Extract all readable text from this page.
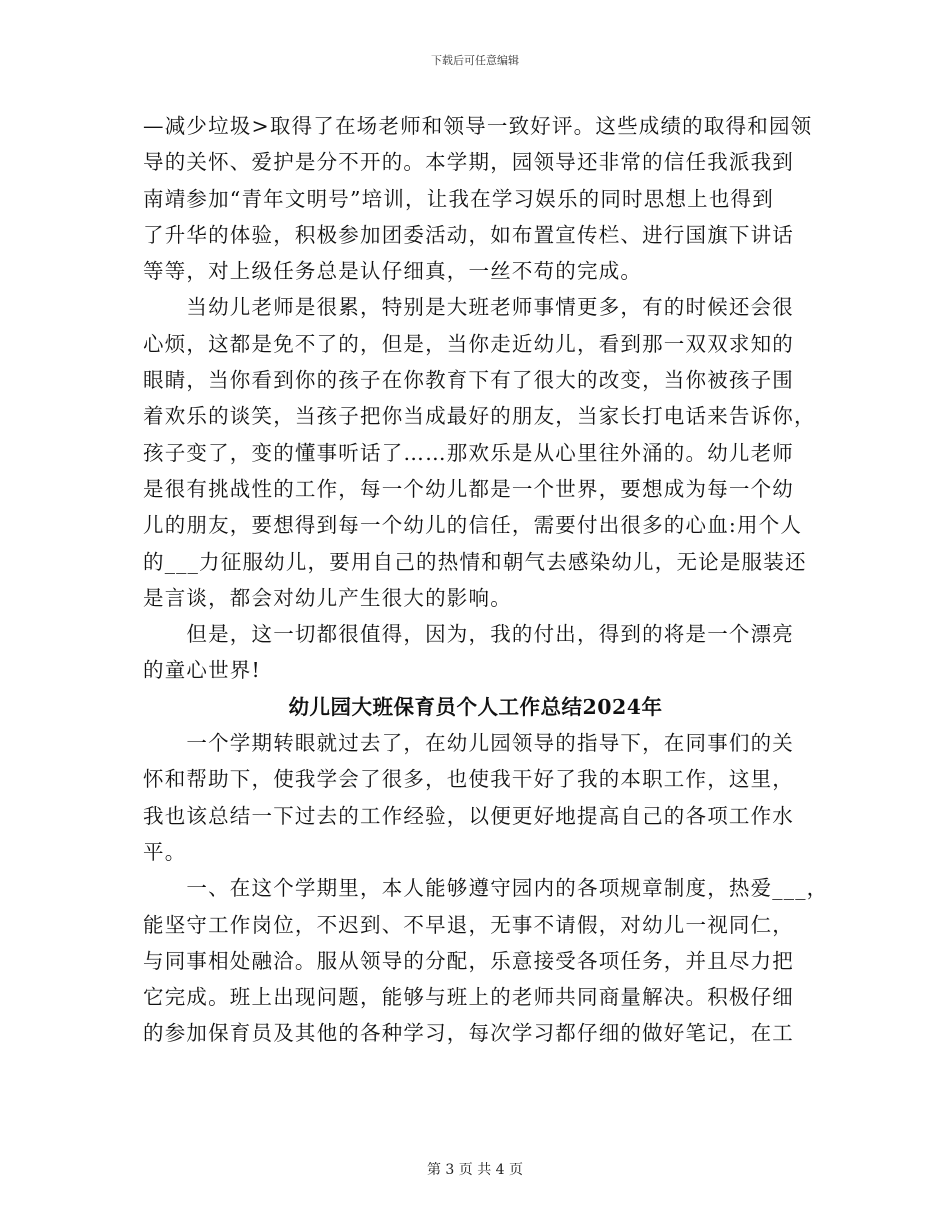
下载后可任意编辑
—减少垃圾>取得了在场老师和领导一致好评。这些成绩的取得和园领
导的关怀、爱护是分不开的。本学期，园领导还非常的信任我派我到
南靖参加“青年文明号”培训，让我在学习娱乐的同时思想上也得到
了升华的体验，积极参加团委活动，如布置宣传栏、进行国旗下讲话
等等，对上级任务总是认仔细真，一丝不苟的完成。
　　当幼儿老师是很累，特别是大班老师事情更多，有的时候还会很
心烦，这都是免不了的，但是，当你走近幼儿，看到那一双双求知的
眼睛，当你看到你的孩子在你教育下有了很大的改变，当你被孩子围
着欢乐的谈笑，当孩子把你当成最好的朋友，当家长打电话来告诉你，
孩子变了，变的懂事听话了……那欢乐是从心里往外涌的。幼儿老师
是很有挑战性的工作，每一个幼儿都是一个世界，要想成为每一个幼
儿的朋友，要想得到每一个幼儿的信任，需要付出很多的心血:用个人
的___力征服幼儿，要用自己的热情和朝气去感染幼儿，无论是服装还
是言谈，都会对幼儿产生很大的影响。
　　但是，这一切都很值得，因为，我的付出，得到的将是一个漂亮
的童心世界!
幼儿园大班保育员个人工作总结2024年
　　一个学期转眼就过去了，在幼儿园领导的指导下，在同事们的关
怀和帮助下，使我学会了很多，也使我干好了我的本职工作，这里，
我也该总结一下过去的工作经验，以便更好地提高自己的各项工作水
平。
　　一、在这个学期里，本人能够遵守园内的各项规章制度，热爱___，
能坚守工作岗位，不迟到、不早退，无事不请假，对幼儿一视同仁，
与同事相处融洽。服从领导的分配，乐意接受各项任务，并且尽力把
它完成。班上出现问题，能够与班上的老师共同商量解决。积极仔细
的参加保育员及其他的各种学习，每次学习都仔细的做好笔记，在工
第 3 页 共 4 页
